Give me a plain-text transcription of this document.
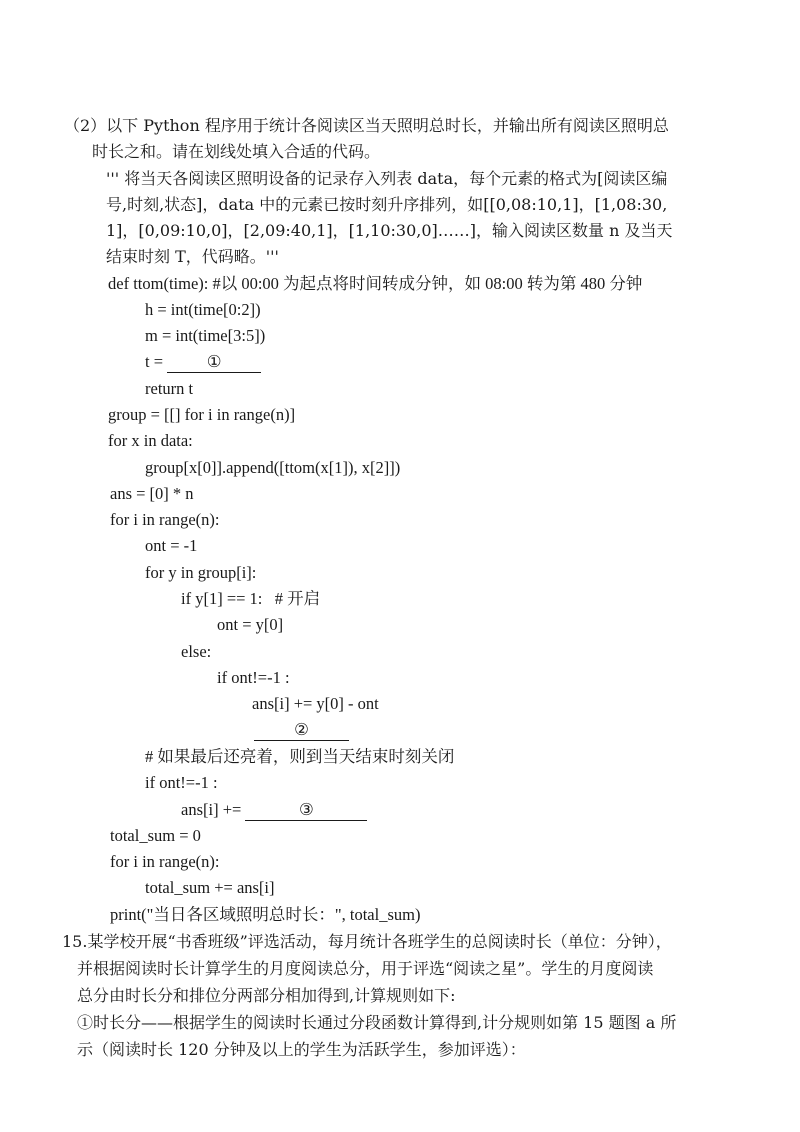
（2）以下 Python 程序用于统计各阅读区当天照明总时长，并输出所有阅读区照明总
时长之和。请在划线处填入合适的代码。
''' 将当天各阅读区照明设备的记录存入列表 data，每个元素的格式为[阅读区编
号,时刻,状态]，data 中的元素已按时刻升序排列，如[[0,08:10,1]，[1,08:30,
1]，[0,09:10,0]，[2,09:40,1]，[1,10:30,0]……]，输入阅读区数量 n 及当天
结束时刻 T，代码略。'''
def ttom(time): #以 00:00 为起点将时间转成分钟，如 08:00 转为第 480 分钟
h = int(time[0:2])
m = int(time[3:5])
t = ①
return t
group = [[] for i in range(n)]
for x in data:
group[x[0]].append([ttom(x[1]), x[2]])
ans = [0] * n
for i in range(n):
ont = -1
for y in group[i]:
if y[1] == 1:   # 开启
ont = y[0]
else:
if ont!=-1 :
ans[i] += y[0] - ont
②
# 如果最后还亮着，则到当天结束时刻关闭
if ont!=-1 :
ans[i] +=	③
total_sum = 0
for i in range(n):
total_sum += ans[i]
print("当日各区域照明总时长：", total_sum)
15.某学校开展“书香班级”评选活动，每月统计各班学生的总阅读时长（单位：分钟），
并根据阅读时长计算学生的月度阅读总分，用于评选“阅读之星”。学生的月度阅读
总分由时长分和排位分两部分相加得到,计算规则如下:
①时长分——根据学生的阅读时长通过分段函数计算得到,计分规则如第 15 题图 a 所
示（阅读时长 120 分钟及以上的学生为活跃学生，参加评选）：
